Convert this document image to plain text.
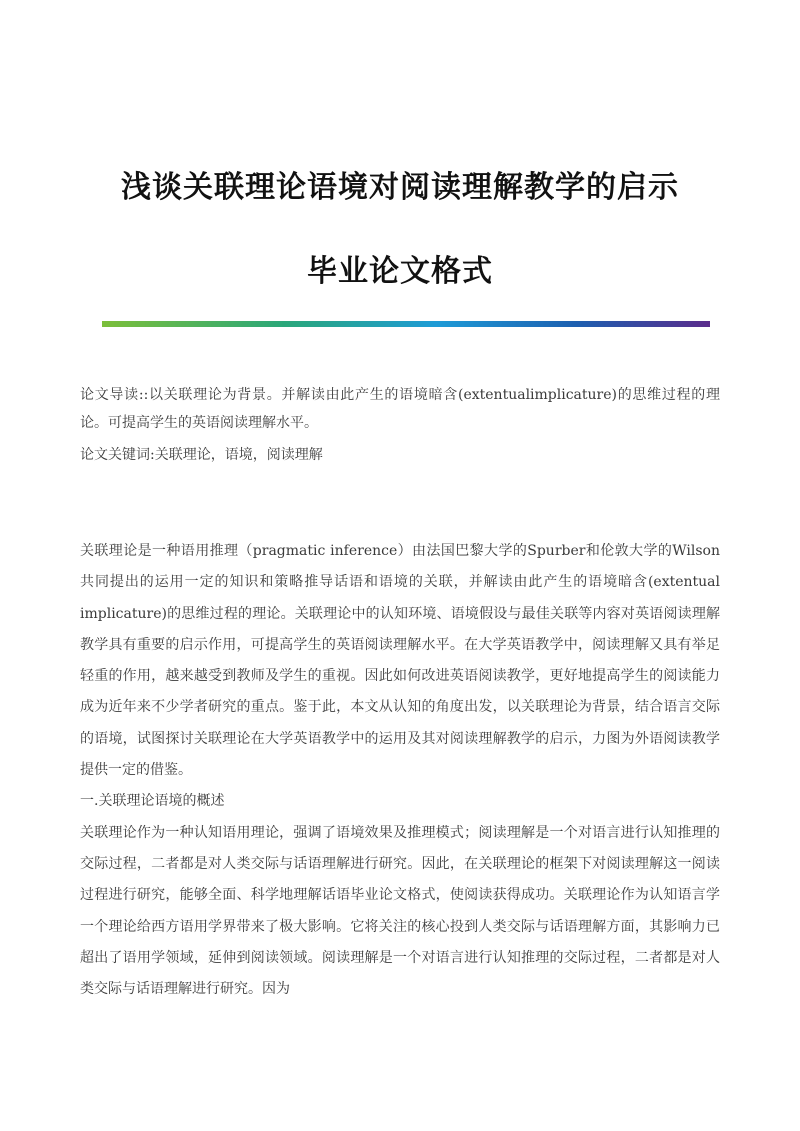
浅谈关联理论语境对阅读理解教学的启示
毕业论文格式

论文导读::以关联理论为背景。并解读由此产生的语境暗含(extentualimplicature)的思维过程的理论。可提高学生的英语阅读理解水平。

论文关键词:关联理论，语境，阅读理解

关联理论是一种语用推理（pragmatic inference）由法国巴黎大学的Spurber和伦敦大学的Wilson共同提出的运用一定的知识和策略推导话语和语境的关联，并解读由此产生的语境暗含(extentual implicature)的思维过程的理论。关联理论中的认知环境、语境假设与最佳关联等内容对英语阅读理解教学具有重要的启示作用，可提高学生的英语阅读理解水平。在大学英语教学中，阅读理解又具有举足轻重的作用，越来越受到教师及学生的重视。因此如何改进英语阅读教学，更好地提高学生的阅读能力成为近年来不少学者研究的重点。鉴于此，本文从认知的角度出发，以关联理论为背景，结合语言交际的语境，试图探讨关联理论在大学英语教学中的运用及其对阅读理解教学的启示，力图为外语阅读教学提供一定的借鉴。

一.关联理论语境的概述

关联理论作为一种认知语用理论，强调了语境效果及推理模式；阅读理解是一个对语言进行认知推理的交际过程，二者都是对人类交际与话语理解进行研究。因此，在关联理论的框架下对阅读理解这一阅读过程进行研究，能够全面、科学地理解话语毕业论文格式，使阅读获得成功。关联理论作为认知语言学一个理论给西方语用学界带来了极大影响。它将关注的核心投到人类交际与话语理解方面，其影响力已超出了语用学领域，延伸到阅读领域。阅读理解是一个对语言进行认知推理的交际过程，二者都是对人类交际与话语理解进行研究。因为
